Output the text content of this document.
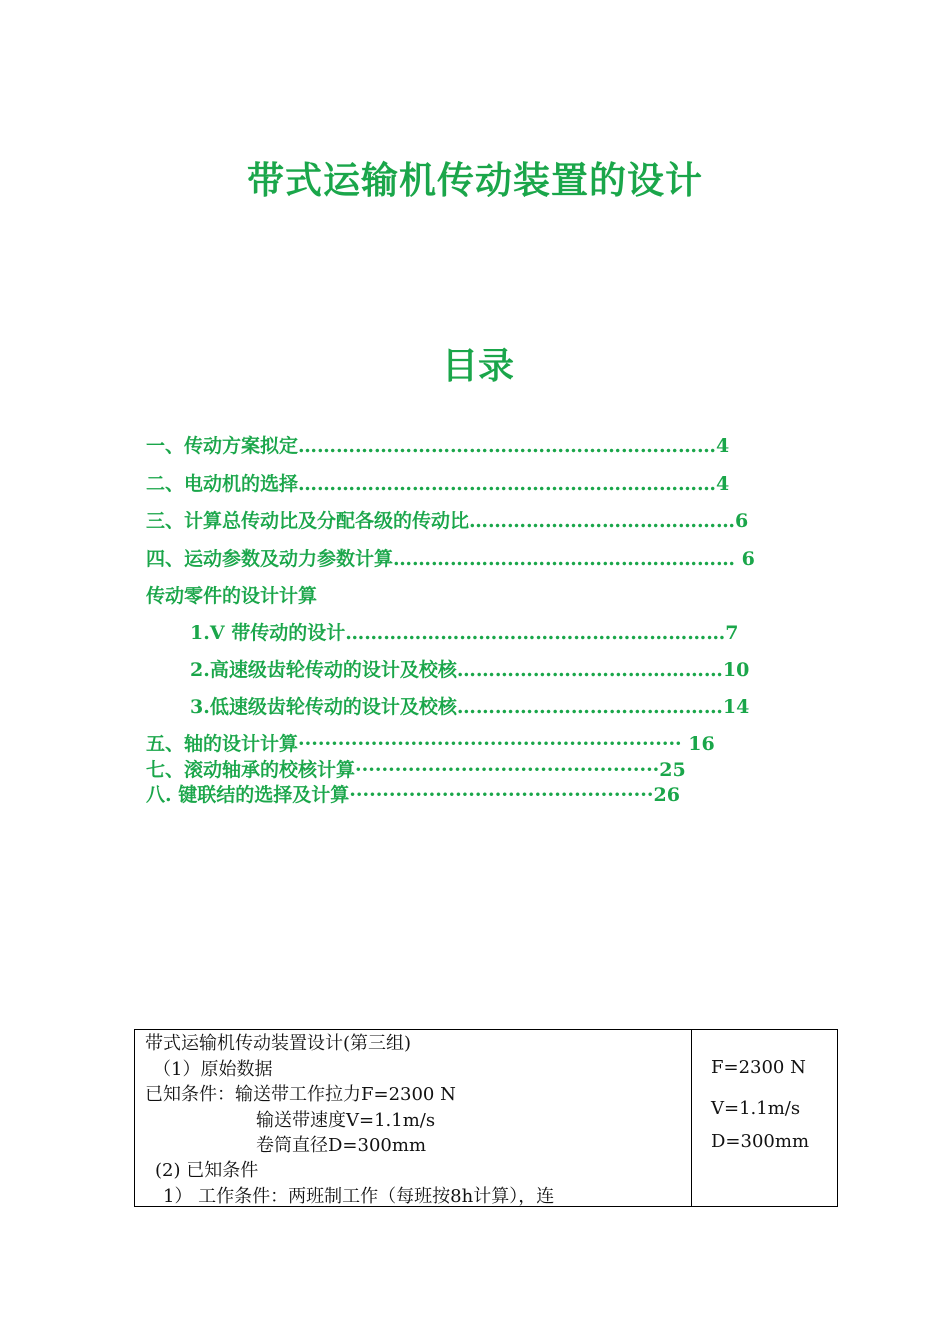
带式运输机传动装置的设计
目录
一、传动方案拟定…………………………………………………………4
二、电动机的选择…………………………………………………………4
三、计算总传动比及分配各级的传动比……………………………………6
四、运动参数及动力参数计算……………………………………………… 6
传动零件的设计计算
1.V 带传动的设计……………………………………………………7
2.高速级齿轮传动的设计及校核……………………………………10
3.低速级齿轮传动的设计及校核……………………………………14
五、轴的设计计算·························································· 16
七、滚动轴承的校核计算··············································25
八. 键联结的选择及计算··············································26
带式运输机传动装置设计(第三组)
（1）原始数据
已知条件：输送带工作拉力F=2300 N
输送带速度V=1.1m/s
卷筒直径D=300mm
(2) 已知条件
1） 工作条件：两班制工作（每班按8h计算），连
F=2300 N
V=1.1m/s
D=300mm
